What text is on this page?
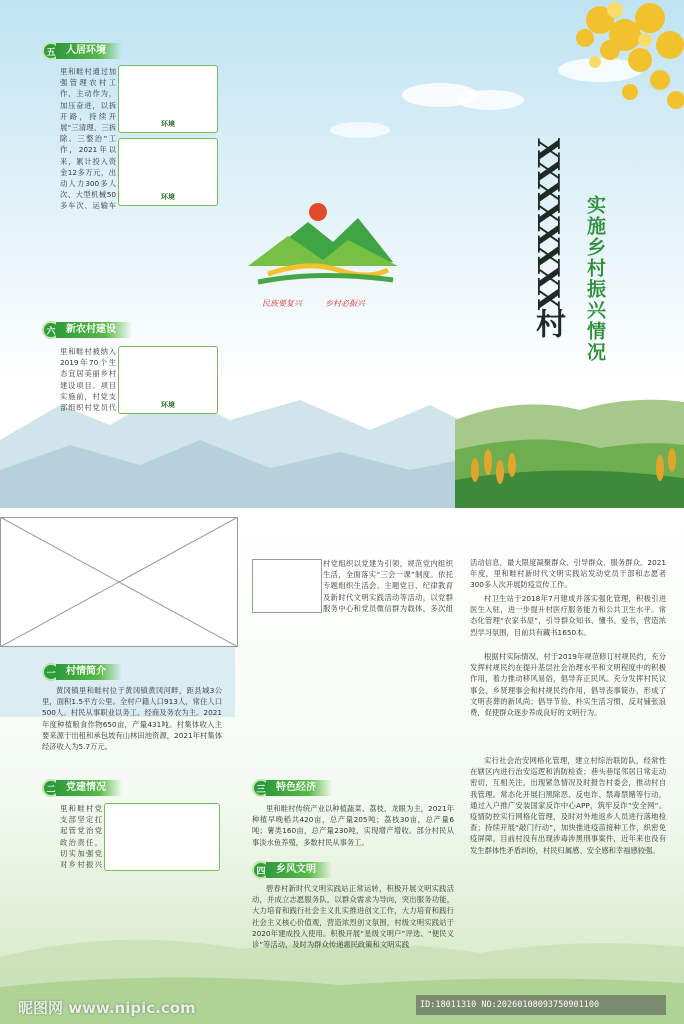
五	人居环境
环境
环境
里和畦村通过加强管理农村工作，主动作为，加压奋进，以拆开路，持续开展“三清理、三拆除、三整治”工作，2021年以来，累计投入资金12多万元，出动人力300多人次、大型机械50多车次、运输车
六	新农村建设
环境
里和畦村被纳入2019年70个生态宜居美丽乡村建设项目。项目实施前，村党支部组织村党员代
民族要复兴	乡村必振兴	XXXXXXXX村 实施乡村振兴情况
一	村情简介
黄冈镇里和畦村位于黄冈镇黄冈河畔，距县城3公里，面积1.5平方公里。全村户籍人口913人，常住人口500人。村民从事职业以务工、经商及务农为主。2021年度种植粮食作物650亩，产量431吨。村集体收入主要来源于出租和承包坡有山林田池资源，2021年村集体经济收入为5.7万元。
二	党建情况
里和畦村党支部坚定扛起管党治党政治责任，切实加强党对乡村振兴
村党组织以党建为引领，规范党内组织生活，全面落实“三会一课”制度。依托专题组织生活会、主题党日、纪律教育及新时代文明实践活动等活动，以党群服务中心和党员微信群为载体，多次组
三	特色经济
里和畦村传统产业以种植蔬菜、荔枝、龙眼为主，2021年种植早晚稻共420亩，总产量205吨；荔枝30亩，总产量6吨；薯类160亩，总产量230吨，实现增产增收。部分村民从事淡水鱼养殖，多数村民从事务工。
四	乡风文明
碧春村新时代文明实践站正常运转，积极开展文明实践活动，并成立志愿服务队，以群众需求为导向，突出服务功能，大力培育和践行社会主义扎实推进创文工作，大力培育和践行社会主义核心价值观，营造浓烈创文氛围，村级文明实践站于2020年建成投入使用。积极开展“星级文明户”评选、“便民义诊”等活动，及时为群众传递惠民政策和文明实践
活动信息，最大限度凝聚群众、引导群众、服务群众。2021年度，里和畦村新时代文明实践站发动党员干部和志愿者300多人次开展防疫宣传工作。
村卫生站于2018年7月建成并落实强化管理，积极引进医生入驻，进一步提升村医疗服务能力和公共卫生水平。常态化管理“农家书屋”，引导群众知书、懂书、爱书，营造浓烈学习氛围，目前共有藏书1650本。
根据村实际情况，村于2019年规范修订村规民约，充分发挥村规民约在提升基层社会治理水平和文明程度中的积极作用，着力推动移风易俗，倡导弃正民风。充分发挥村民议事会、乡贤理事会和村规民约作用，倡导丧事简办，形成了文明丧葬的新风尚；倡导节俭、朴实生活习惯，反对铺张浪费，促使群众逐步养成良好的文明行为。
实行社会治安网格化管理，建立村综治联防队，经常性在辖区内进行治安巡逻和消防检查；巷头巷尾邻居日常走动密切，互相关注，出现紧急情况及时报告村委会，推动村自我管理。常态化开展扫黑除恶、反电诈、禁毒禁赌等行动，通过入户推广安装国家反诈中心APP，筑牢反诈“安全网”。疫情防控实行网格化管理，及时对外地返乡人员进行落地检查；持续开展“敲门行动”，加快推进疫苗接种工作，织密免疫屏障。目前村没有出现涉毒涉黑刑事案件，近年来也没有发生群体性矛盾纠纷，村民归属感、安全感和幸福感较强。
昵图网 www.nipic.com	ID:18011310 NO:20260108093750901100
